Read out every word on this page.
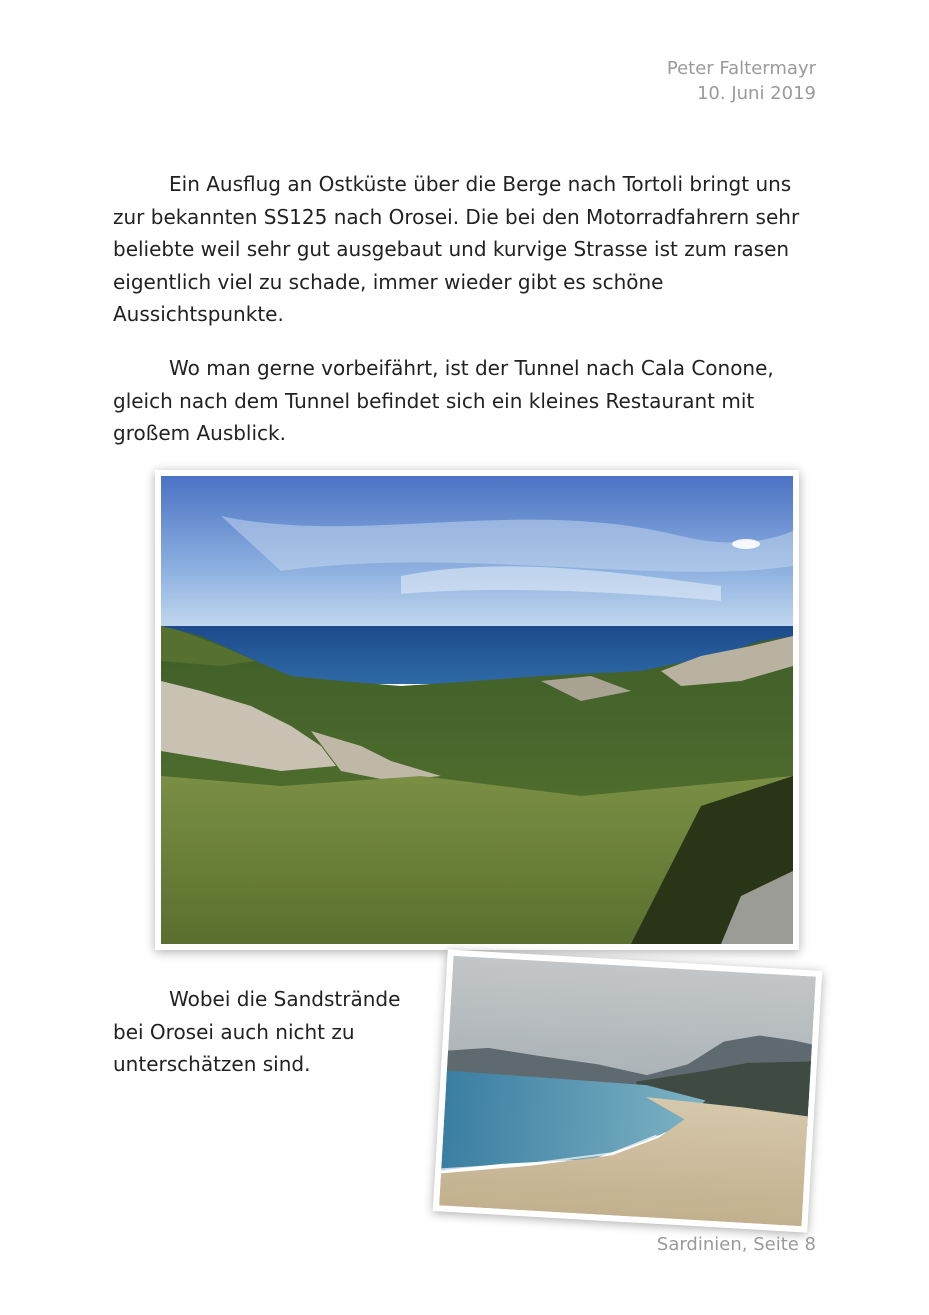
Peter Faltermayr
10. Juni 2019

Ein Ausflug an Ostküste über die Berge nach Tortoli bringt uns zur bekannten SS125 nach Orosei. Die bei den Motorradfahrern sehr beliebte weil sehr gut ausgebaut und kurvige Strasse ist zum rasen eigentlich viel zu schade, immer wieder gibt es schöne Aussichtspunkte.

Wo man gerne vorbeifährt, ist der Tunnel nach Cala Conone, gleich nach dem Tunnel befindet sich ein kleines Restaurant mit großem Ausblick.

Wobei die Sandstrände bei Orosei auch nicht zu unterschätzen sind.

Sardinien, Seite 8
